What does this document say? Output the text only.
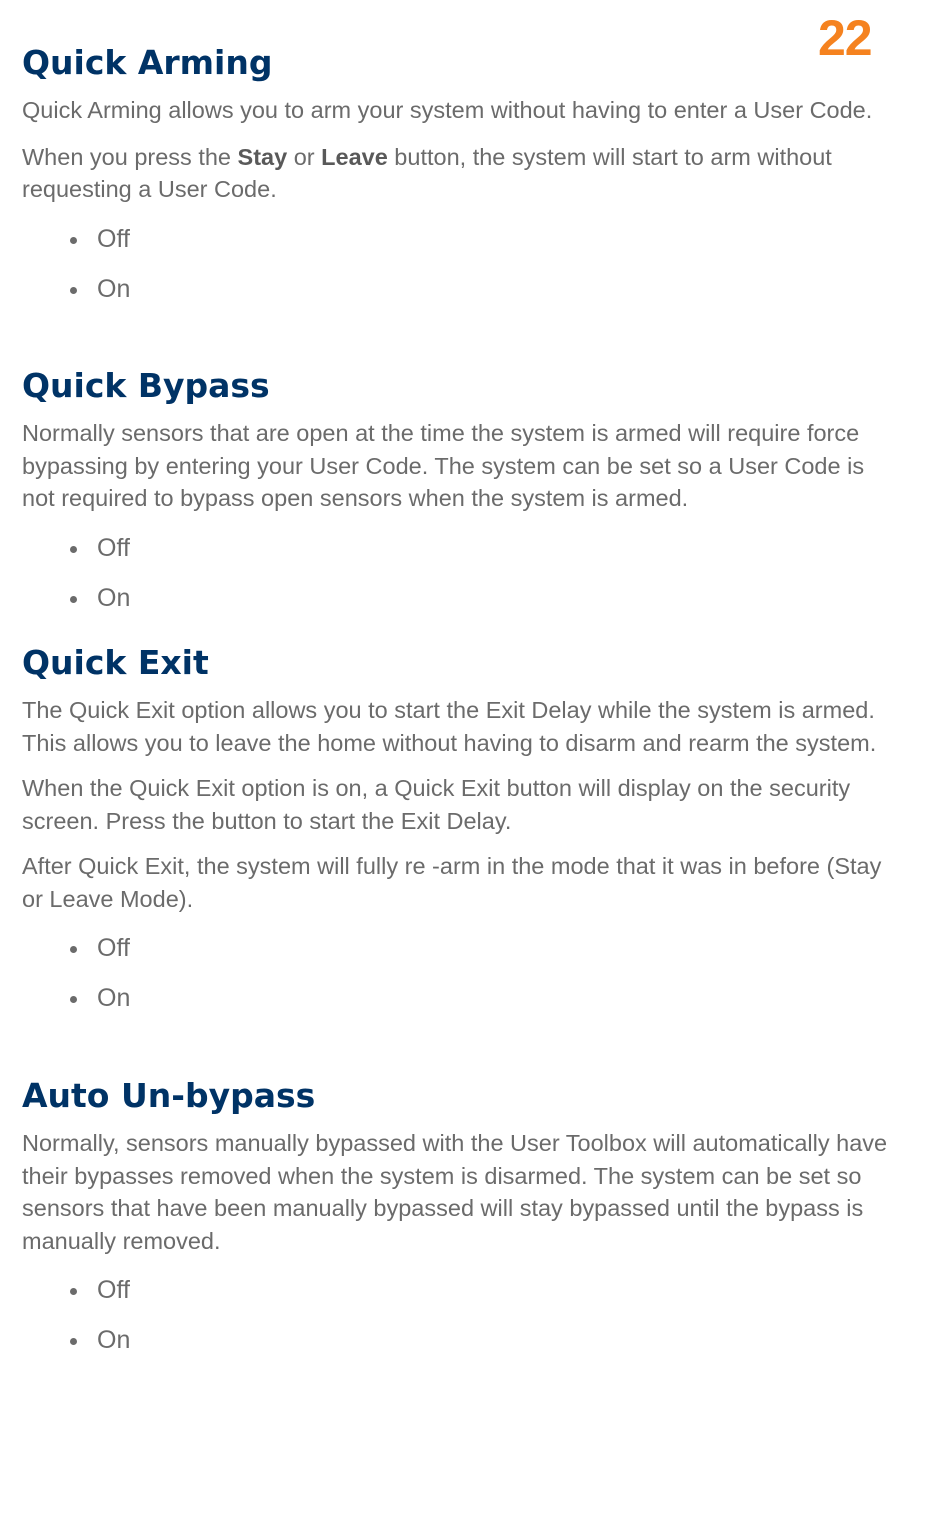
22
Quick Arming

Quick Arming allows you to arm your system without having to enter a User Code.

When you press the Stay or Leave button, the system will start to arm without requesting a User Code.

Off
On
Quick Bypass

Normally sensors that are open at the time the system is armed will require force bypassing by entering your User Code. The system can be set so a User Code is not required to bypass open sensors when the system is armed.

Off
On
Quick Exit

The Quick Exit option allows you to start the Exit Delay while the system is armed. This allows you to leave the home without having to disarm and rearm the system.

When the Quick Exit option is on, a Quick Exit button will display on the security screen. Press the button to start the Exit Delay.

After Quick Exit, the system will fully re -arm in the mode that it was in before (Stay or Leave Mode).

Off
On
Auto Un-bypass

Normally, sensors manually bypassed with the User Toolbox will automatically have their bypasses removed when the system is disarmed. The system can be set so sensors that have been manually bypassed will stay bypassed until the bypass is manually removed.

Off
On
